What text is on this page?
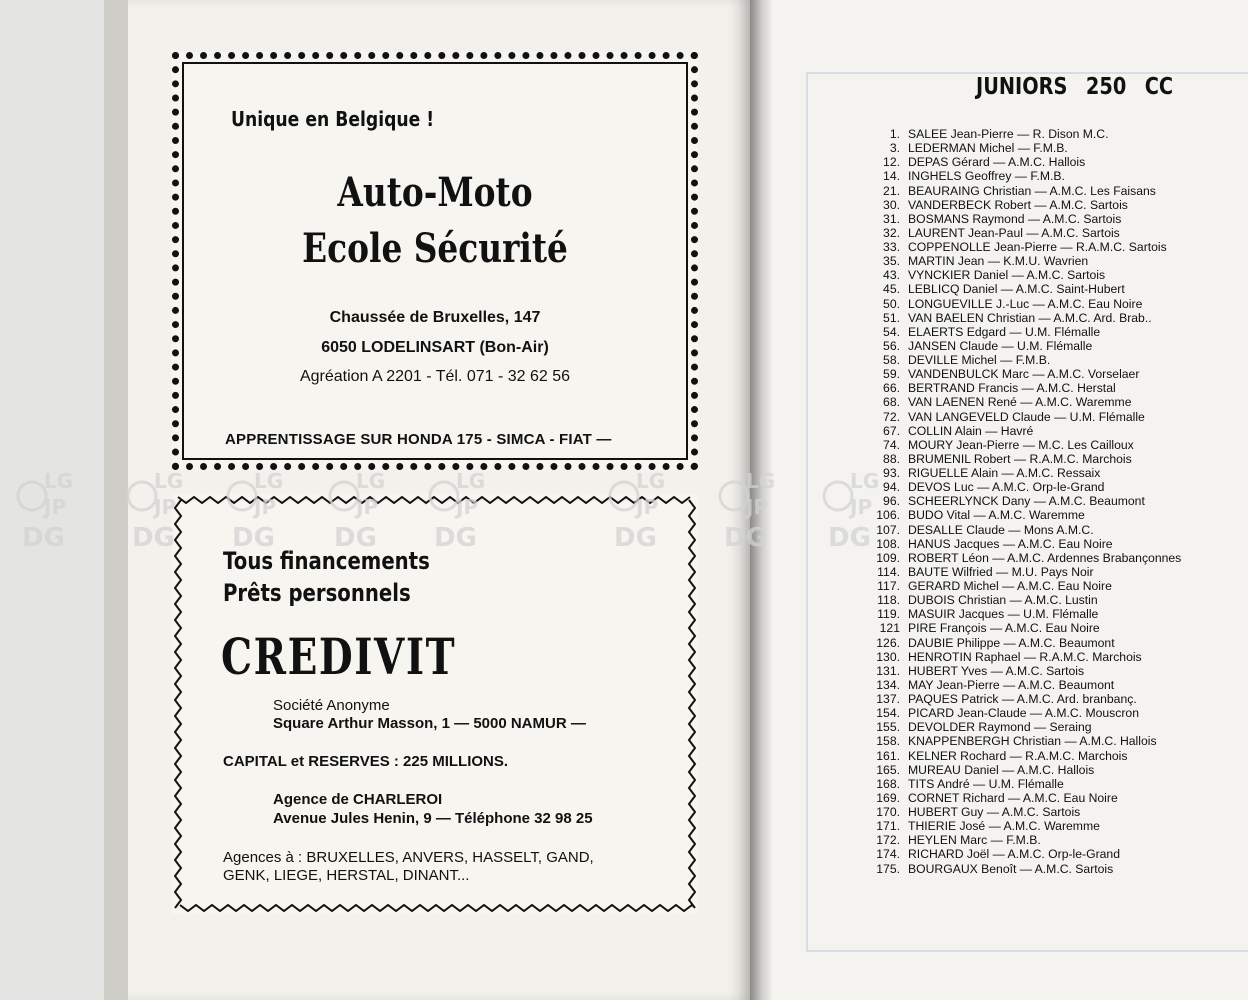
Unique en Belgique !
Auto-Moto
Ecole Sécurité
Chaussée de Bruxelles, 147
6050 LODELINSART (Bon-Air)
Agréation A 2201 - Tél. 071 - 32 62 56
APPRENTISSAGE SUR HONDA 175 - SIMCA - FIAT —
Tous financements
Prêts personnels
CREDIVIT
Société Anonyme
Square Arthur Masson, 1 — 5000 NAMUR —
CAPITAL et RESERVES : 225 MILLIONS.
Agence de CHARLEROI
Avenue Jules Henin, 9 — Téléphone 32 98 25
Agences à : BRUXELLES, ANVERS, HASSELT, GAND,
GENK, LIEGE, HERSTAL, DINANT...
LG
JP
DG
LG
JP
DG
LG
JP
DG
LG
JP
DG
LG
JP
DG
LG
JP
DG
LG
JP
DG
LG
JP
DG
JUNIORS 250 CC
1. SALEE Jean-Pierre — R. Dison M.C.
3. LEDERMAN Michel — F.M.B.
12. DEPAS Gérard — A.M.C. Hallois
14. INGHELS Geoffrey — F.M.B.
21. BEAURAING Christian — A.M.C. Les Faisans
30. VANDERBECK Robert — A.M.C. Sartois
31. BOSMANS Raymond — A.M.C. Sartois
32. LAURENT Jean-Paul — A.M.C. Sartois
33. COPPENOLLE Jean-Pierre — R.A.M.C. Sartois
35. MARTIN Jean — K.M.U. Wavrien
43. VYNCKIER Daniel — A.M.C. Sartois
45. LEBLICQ Daniel — A.M.C. Saint-Hubert
50. LONGUEVILLE J.-Luc — A.M.C. Eau Noire
51. VAN BAELEN Christian — A.M.C. Ard. Brab..
54. ELAERTS Edgard — U.M. Flémalle
56. JANSEN Claude — U.M. Flémalle
58. DEVILLE Michel — F.M.B.
59. VANDENBULCK Marc — A.M.C. Vorselaer
66. BERTRAND Francis — A.M.C. Herstal
68. VAN LAENEN René — A.M.C. Waremme
72. VAN LANGEVELD Claude — U.M. Flémalle
67. COLLIN Alain — Havré
74. MOURY Jean-Pierre — M.C. Les Cailloux
88. BRUMENIL Robert — R.A.M.C. Marchois
93. RIGUELLE Alain — A.M.C. Ressaix
94. DEVOS Luc — A.M.C. Orp-le-Grand
96. SCHEERLYNCK Dany — A.M.C. Beaumont
106. BUDO Vital — A.M.C. Waremme
107. DESALLE Claude — Mons A.M.C.
108. HANUS Jacques — A.M.C. Eau Noire
109. ROBERT Léon — A.M.C. Ardennes Brabançonnes
114. BAUTE Wilfried — M.U. Pays Noir
117. GERARD Michel — A.M.C. Eau Noire
118. DUBOIS Christian — A.M.C. Lustin
119. MASUIR Jacques — U.M. Flémalle
121 PIRE François — A.M.C. Eau Noire
126. DAUBIE Philippe — A.M.C. Beaumont
130. HENROTIN Raphael — R.A.M.C. Marchois
131. HUBERT Yves — A.M.C. Sartois
134. MAY Jean-Pierre — A.M.C. Beaumont
137. PAQUES Patrick — A.M.C. Ard. branbanç.
154. PICARD Jean-Claude — A.M.C. Mouscron
155. DEVOLDER Raymond — Seraing
158. KNAPPENBERGH Christian — A.M.C. Hallois
161. KELNER Rochard — R.A.M.C. Marchois
165. MUREAU Daniel — A.M.C. Hallois
168. TITS André — U.M. Flémalle
169. CORNET Richard — A.M.C. Eau Noire
170. HUBERT Guy — A.M.C. Sartois
171. THIERIE José — A.M.C. Waremme
172. HEYLEN Marc — F.M.B.
174. RICHARD Joël — A.M.C. Orp-le-Grand
175. BOURGAUX Benoît — A.M.C. Sartois
